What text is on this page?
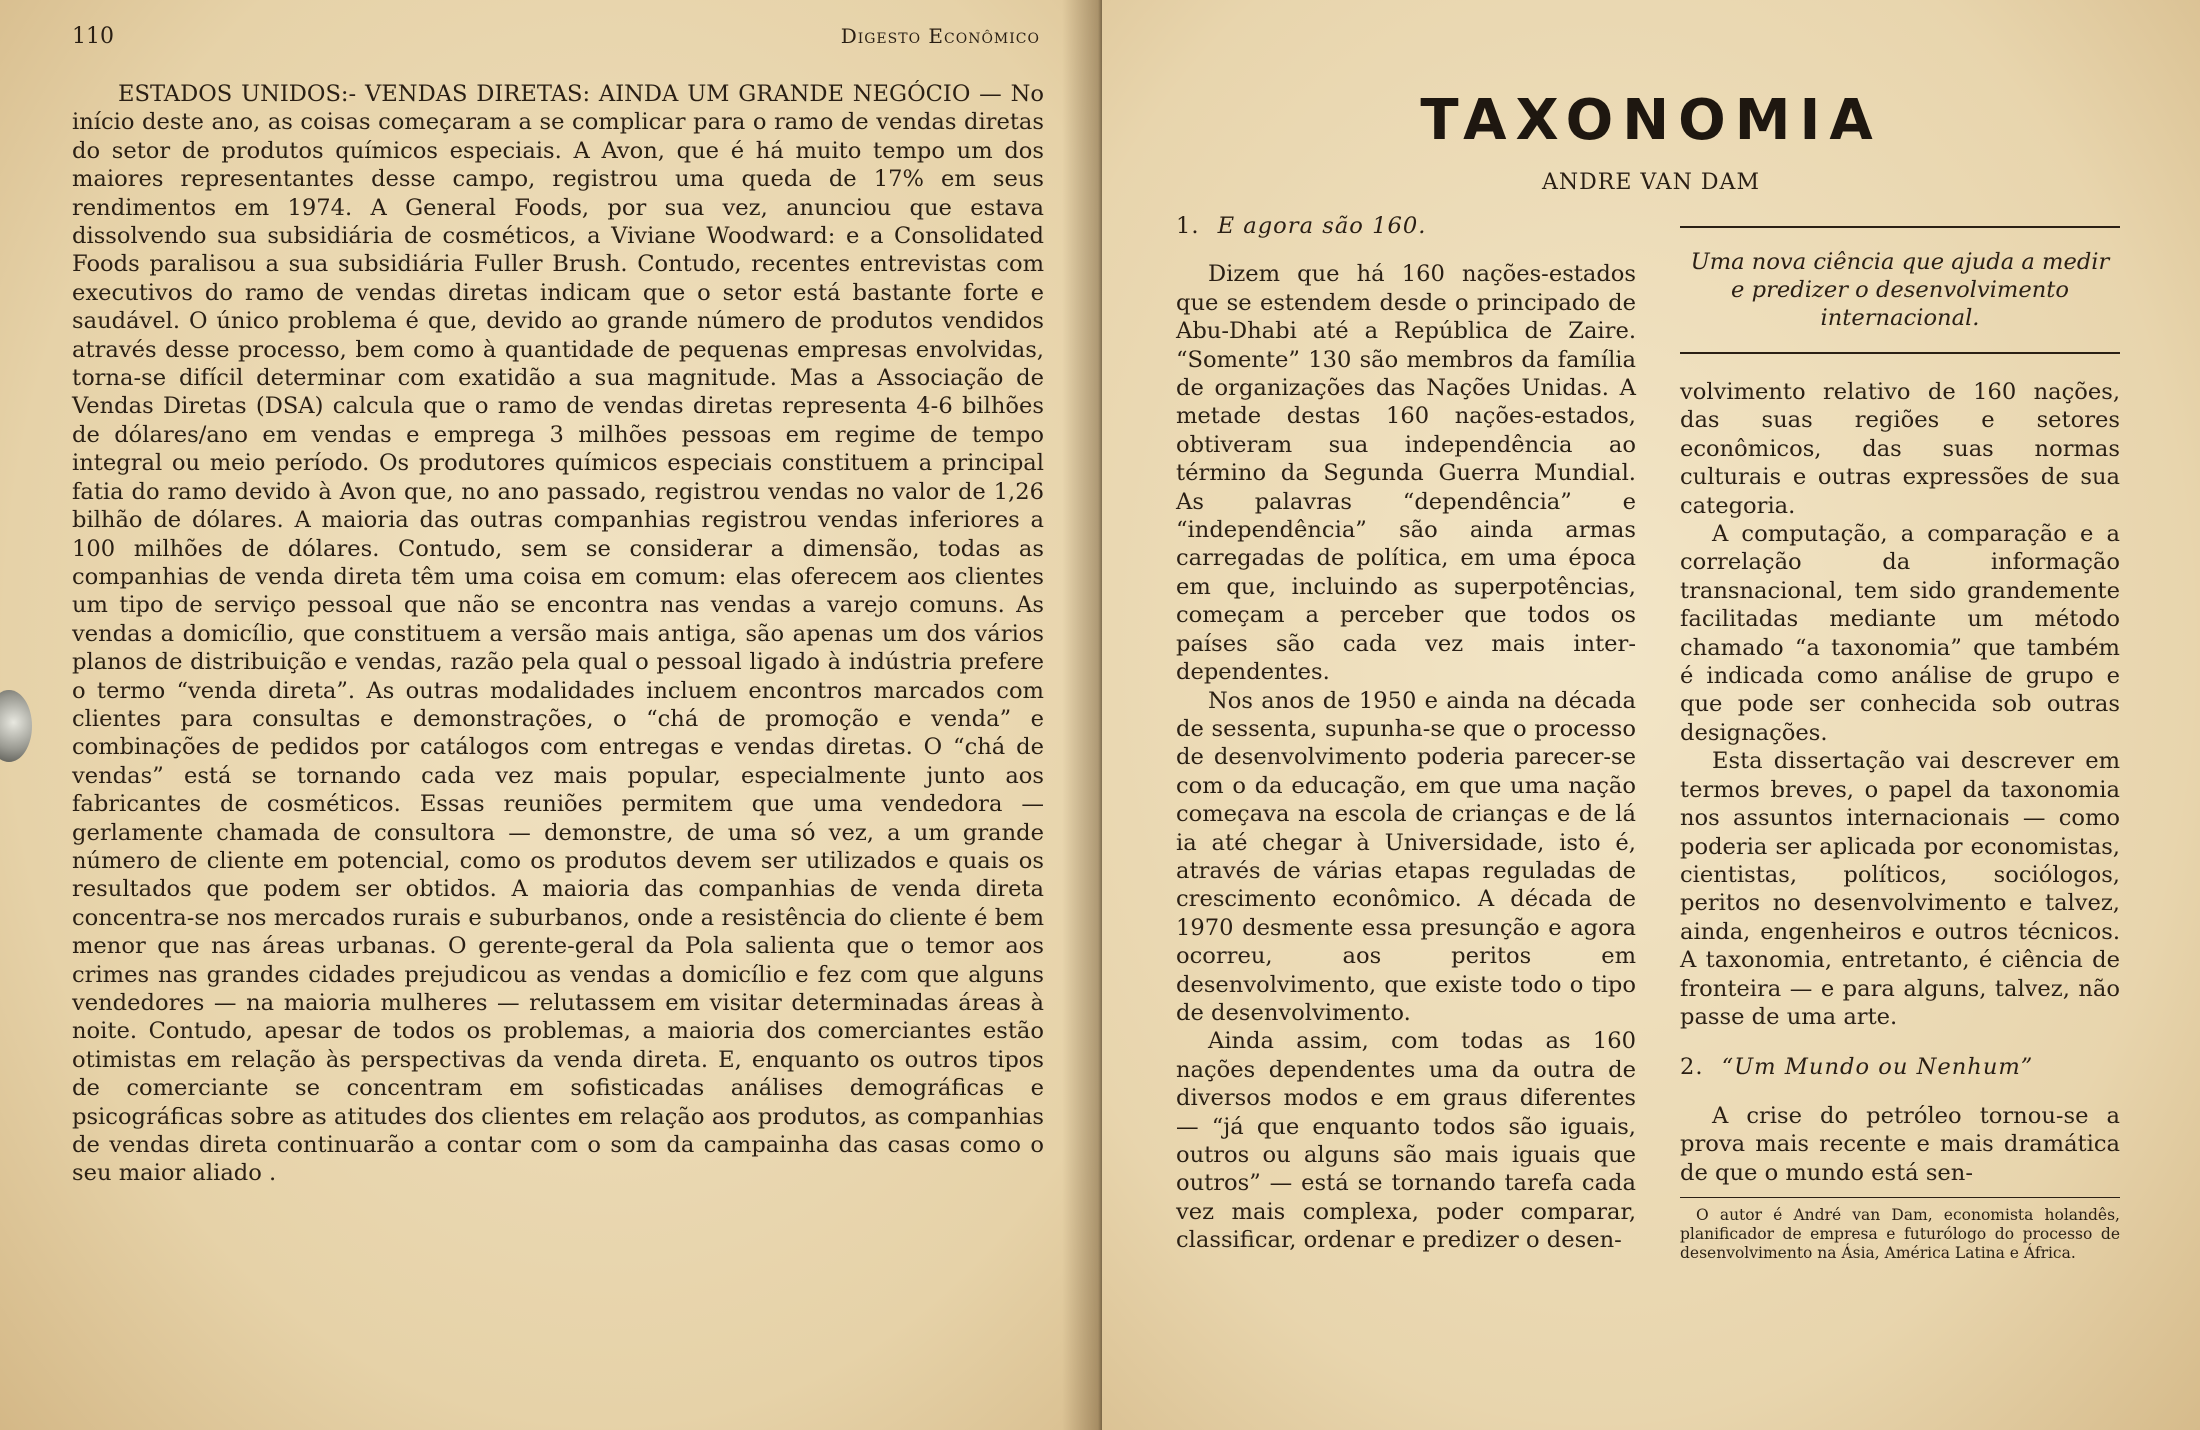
110	Digesto Econômico

ESTADOS UNIDOS:- VENDAS DIRETAS: AINDA UM GRANDE NEGÓCIO — No início deste ano, as coisas começaram a se complicar para o ramo de vendas diretas do setor de produtos químicos especiais. A Avon, que é há muito tempo um dos maiores representantes desse campo, registrou uma queda de 17% em seus rendimentos em 1974. A General Foods, por sua vez, anunciou que estava dissolvendo sua subsidiária de cosméticos, a Viviane Woodward: e a Consolidated Foods paralisou a sua subsidiária Fuller Brush. Contudo, recentes entrevistas com executivos do ramo de vendas diretas indicam que o setor está bastante forte e saudável. O único problema é que, devido ao grande número de produtos vendidos através desse processo, bem como à quantidade de pequenas empresas envolvidas, torna-se difícil determinar com exatidão a sua magnitude. Mas a Associação de Vendas Diretas (DSA) calcula que o ramo de vendas diretas representa 4-6 bilhões de dólares/ano em vendas e emprega 3 milhões pessoas em regime de tempo integral ou meio período. Os produtores químicos especiais constituem a principal fatia do ramo devido à Avon que, no ano passado, registrou vendas no valor de 1,26 bilhão de dólares. A maioria das outras companhias registrou vendas inferiores a 100 milhões de dólares. Contudo, sem se considerar a dimensão, todas as companhias de venda direta têm uma coisa em comum: elas oferecem aos clientes um tipo de serviço pessoal que não se encontra nas vendas a varejo comuns. As vendas a domicílio, que constituem a versão mais antiga, são apenas um dos vários planos de distribuição e vendas, razão pela qual o pessoal ligado à indústria prefere o termo “venda direta”. As outras modalidades incluem encontros marcados com clientes para consultas e demonstrações, o “chá de promoção e venda” e combinações de pedidos por catálogos com entregas e vendas diretas. O “chá de vendas” está se tornando cada vez mais popular, especialmente junto aos fabricantes de cosméticos. Essas reuniões permitem que uma vendedora — gerlamente chamada de consultora — demonstre, de uma só vez, a um grande número de cliente em potencial, como os produtos devem ser utilizados e quais os resultados que podem ser obtidos. A maioria das companhias de venda direta concentra-se nos mercados rurais e suburbanos, onde a resistência do cliente é bem menor que nas áreas urbanas. O gerente-geral da Pola salienta que o temor aos crimes nas grandes cidades prejudicou as vendas a domicílio e fez com que alguns vendedores — na maioria mulheres — relutassem em visitar determinadas áreas à noite. Contudo, apesar de todos os problemas, a maioria dos comerciantes estão otimistas em relação às perspectivas da venda direta. E, enquanto os outros tipos de comerciante se concentram em sofisticadas análises demográficas e psicográficas sobre as atitudes dos clientes em relação aos produtos, as companhias de vendas direta continuarão a contar com o som da campainha das casas como o seu maior aliado .

TAXONOMIA
ANDRE VAN DAM
1. E agora são 160.

Dizem que há 160 nações-estados que se estendem desde o principado de Abu-Dhabi até a República de Zaire. “Somente” 130 são membros da família de organizações das Nações Unidas. A metade destas 160 nações-estados, obtiveram sua independência ao término da Segunda Guerra Mundial. As palavras “dependência” e “independência” são ainda armas carregadas de política, em uma época em que, incluindo as superpotências, começam a perceber que todos os países são cada vez mais inter-dependentes.

Nos anos de 1950 e ainda na década de sessenta, supunha-se que o processo de desenvolvimento poderia parecer-se com o da educação, em que uma nação começava na escola de crianças e de lá ia até chegar à Universidade, isto é, através de várias etapas reguladas de crescimento econômico. A década de 1970 desmente essa presunção e agora ocorreu, aos peritos em desenvolvimento, que existe todo o tipo de desenvolvimento.

Ainda assim, com todas as 160 nações dependentes uma da outra de diversos modos e em graus diferentes — “já que enquanto todos são iguais, outros ou alguns são mais iguais que outros” — está se tornando tarefa cada vez mais complexa, poder comparar, classificar, ordenar e predizer o desen-

Uma nova ciência que ajuda a medir e predizer o desenvolvimento internacional.

volvimento relativo de 160 nações, das suas regiões e setores econômicos, das suas normas culturais e outras expressões de sua categoria.

A computação, a comparação e a correlação da informação transnacional, tem sido grandemente facilitadas mediante um método chamado “a taxonomia” que também é indicada como análise de grupo e que pode ser conhecida sob outras designações.

Esta dissertação vai descrever em termos breves, o papel da taxonomia nos assuntos internacionais — como poderia ser aplicada por economistas, cientistas, políticos, sociólogos, peritos no desenvolvimento e talvez, ainda, engenheiros e outros técnicos. A taxonomia, entretanto, é ciência de fronteira — e para alguns, talvez, não passe de uma arte.

2. “Um Mundo ou Nenhum”

A crise do petróleo tornou-se a prova mais recente e mais dramática de que o mundo está sen-

O autor é André van Dam, economista holandês, planificador de empresa e futurólogo do processo de desenvolvimento na Ásia, América Latina e África.
